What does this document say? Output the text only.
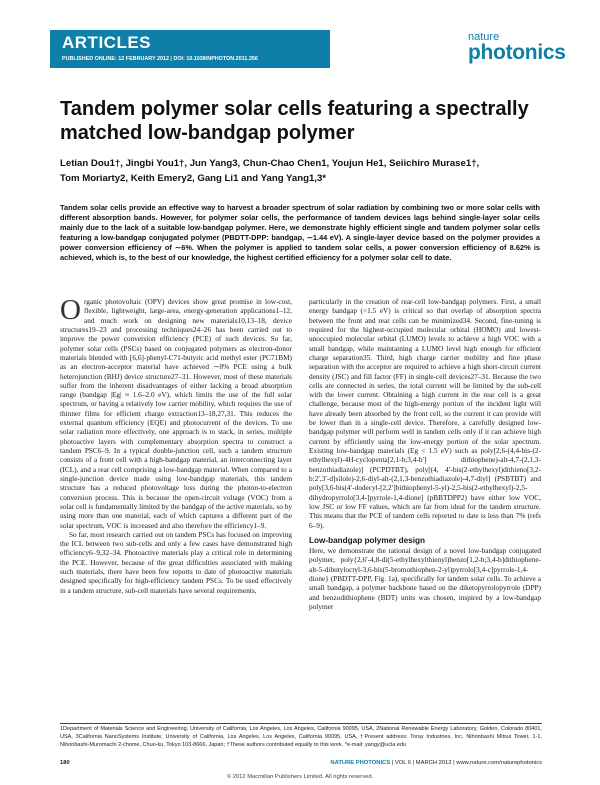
ARTICLES
PUBLISHED ONLINE: 12 FEBRUARY 2012 | DOI: 10.1038/NPHOTON.2011.356
nature
photonics
Tandem polymer solar cells featuring a spectrally matched low-bandgap polymer
Letian Dou1†, Jingbi You1†, Jun Yang3, Chun-Chao Chen1, Youjun He1, Seiichiro Murase1†,
Tom Moriarty2, Keith Emery2, Gang Li1 and Yang Yang1,3*
Tandem solar cells provide an effective way to harvest a broader spectrum of solar radiation by combining two or more solar cells with different absorption bands. However, for polymer solar cells, the performance of tandem devices lags behind single-layer solar cells mainly due to the lack of a suitable low-bandgap polymer. Here, we demonstrate highly efficient single and tandem polymer solar cells featuring a low-bandgap conjugated polymer (PBDTT-DPP: bandgap, ∼1.44 eV). A single-layer device based on the polymer provides a power conversion efficiency of ∼6%. When the polymer is applied to tandem solar cells, a power conversion efficiency of 8.62% is achieved, which is, to the best of our knowledge, the highest certified efficiency for a polymer solar cell to date.

Organic photovoltaic (OPV) devices show great promise in low-cost, flexible, lightweight, large-area, energy-generation applications1–12, and much work on designing new materials10,13–18, device structures19–23 and processing techniques24–26 has been carried out to improve the power conversion efficiency (PCE) of such devices. So far, polymer solar cells (PSCs) based on conjugated polymers as electron-donor materials blended with [6,6]-phenyl-C71-butyric acid methyl ester (PC71BM) as an electron-acceptor material have achieved ∼8% PCE using a bulk heterojunction (BHJ) device structure27–31. However, most of these materials suffer from the inherent disadvantages of either lacking a broad absorption range (bandgap |Eg| ≈ 1.6–2.0 eV), which limits the use of the full solar spectrum, or having a relatively low carrier mobility, which requires the use of thinner films for efficient charge extraction13–18,27,31. This reduces the external quantum efficiency (EQE) and photocurrent of the devices. To use solar radiation more effectively, one approach is to stack, in series, multiple photoactive layers with complementary absorption spectra to construct a tandem PSC6–9. In a typical double-junction cell, such a tandem structure consists of a front cell with a high-bandgap material, an interconnecting layer (ICL), and a rear cell comprising a low-bandgap material. When compared to a single-junction device made using low-bandgap materials, this tandem structure has a reduced photovoltage loss during the photon-to-electron conversion process. This is because the open-circuit voltage (VOC) from a solar cell is fundamentally limited by the bandgap of the active materials, so by using more than one material, each of which captures a different part of the solar spectrum, VOC is increased and also therefore the efficiency1–9.

So far, most research carried out on tandem PSCs has focused on improving the ICL between two sub-cells and only a few cases have demonstrated high efficiency6–9,32–34. Photoactive materials play a critical role in determining the PCE. However, because of the great difficulties associated with making such materials, there have been few reports to date of photoactive materials designed specifically for high-efficiency tandem PSCs. To be used effectively in a tandem structure, sub-cell materials have several requirements,

particularly in the creation of rear-cell low-bandgap polymers. First, a small energy bandgap (<1.5 eV) is critical so that overlap of absorption spectra between the front and rear cells can be minimized34. Second, fine-tuning is required for the highest-occupied molecular orbital (HOMO) and lowest-unoccupied molecular orbital (LUMO) levels to achieve a high VOC with a small bandgap, while maintaining a LUMO level high enough for efficient charge separation35. Third, high charge carrier mobility and fine phase separation with the acceptor are required to achieve a high short-circuit current density (JSC) and fill factor (FF) in single-cell devices27–31. Because the two cells are connected in series, the total current will be limited by the sub-cell with the lower current. Obtaining a high current in the rear cell is a great challenge, because most of the high-energy portion of the incident light will have already been absorbed by the front cell, so the current it can provide will be lower than in a single-cell device. Therefore, a carefully designed low-bandgap polymer will perform well in tandem cells only if it can achieve high current by efficiently using the low-energy portion of the solar spectrum. Existing low-bandgap materials (Eg < 1.5 eV) such as poly[2,6-(4,4-bis-(2-ethylhexyl)-4H-cyclopenta[2,1-b;3,4-b′] dithiophene)-alt-4,7-(2,1,3-benzothiadiazole)] (PCPDTBT), poly[(4, 4′-bis(2-ethylhexyl)dithieno[3,2-b:2′,3′-d]silole)-2,6-diyl-alt-(2,1,3-benzothiadiazole)-4,7-diyl] (PSBTBT) and poly[3,6-bis(4′-dodecyl-[2,2′]bithiophenyl-5-yl)-2,5-bis(2-ethylhexyl)-2,5-dihydropyrrolo[3,4-]pyrrole-1,4-dione] (pBBTDPP2) have either low VOC, low JSC or low FF values, which are far from ideal for the tandem structure. This means that the PCE of tandem cells reported to date is less than 7% (refs 6–9).

Low-bandgap polymer design

Here, we demonstrate the rational design of a novel low-bandgap conjugated polymer, poly{2,6′-4,8-di(5-ethylhexylthienyl)benzo[1,2-b;3,4-b]dithiophene-alt-5-dibutyloctyl-3,6-bis(5-bromothiophen-2-yl)pyrrolo[3,4-c]pyrrole-1,4-dione} (PBDTT-DPP, Fig. 1a), specifically for tandem solar cells. To achieve a small bandgap, a polymer backbone based on the diketopyrrolopyrrole (DPP) and benzodithiophene (BDT) units was chosen, inspired by a low-bandgap polymer

1Department of Materials Science and Engineering, University of California, Los Angeles, Los Angeles, California 90095, USA, 2National Renewable Energy Laboratory, Golden, Colorado 80401, USA, 3California NanoSystems Institute, University of California, Los Angeles, Los Angeles, California 90095, USA, †Present address: Toray Industries, Inc, Nihonbashi Mitsui Tower, 1-1, Nihonbashi-Muromachi 2-chome, Chuo-ku, Tokyo 103-8666, Japan; †These authors contributed equally to this work. *e-mail: yangy@ucla.edu
180	NATURE PHOTONICS | VOL 6 | MARCH 2012 | www.nature.com/naturephotonics
© 2012 Macmillan Publishers Limited. All rights reserved.
